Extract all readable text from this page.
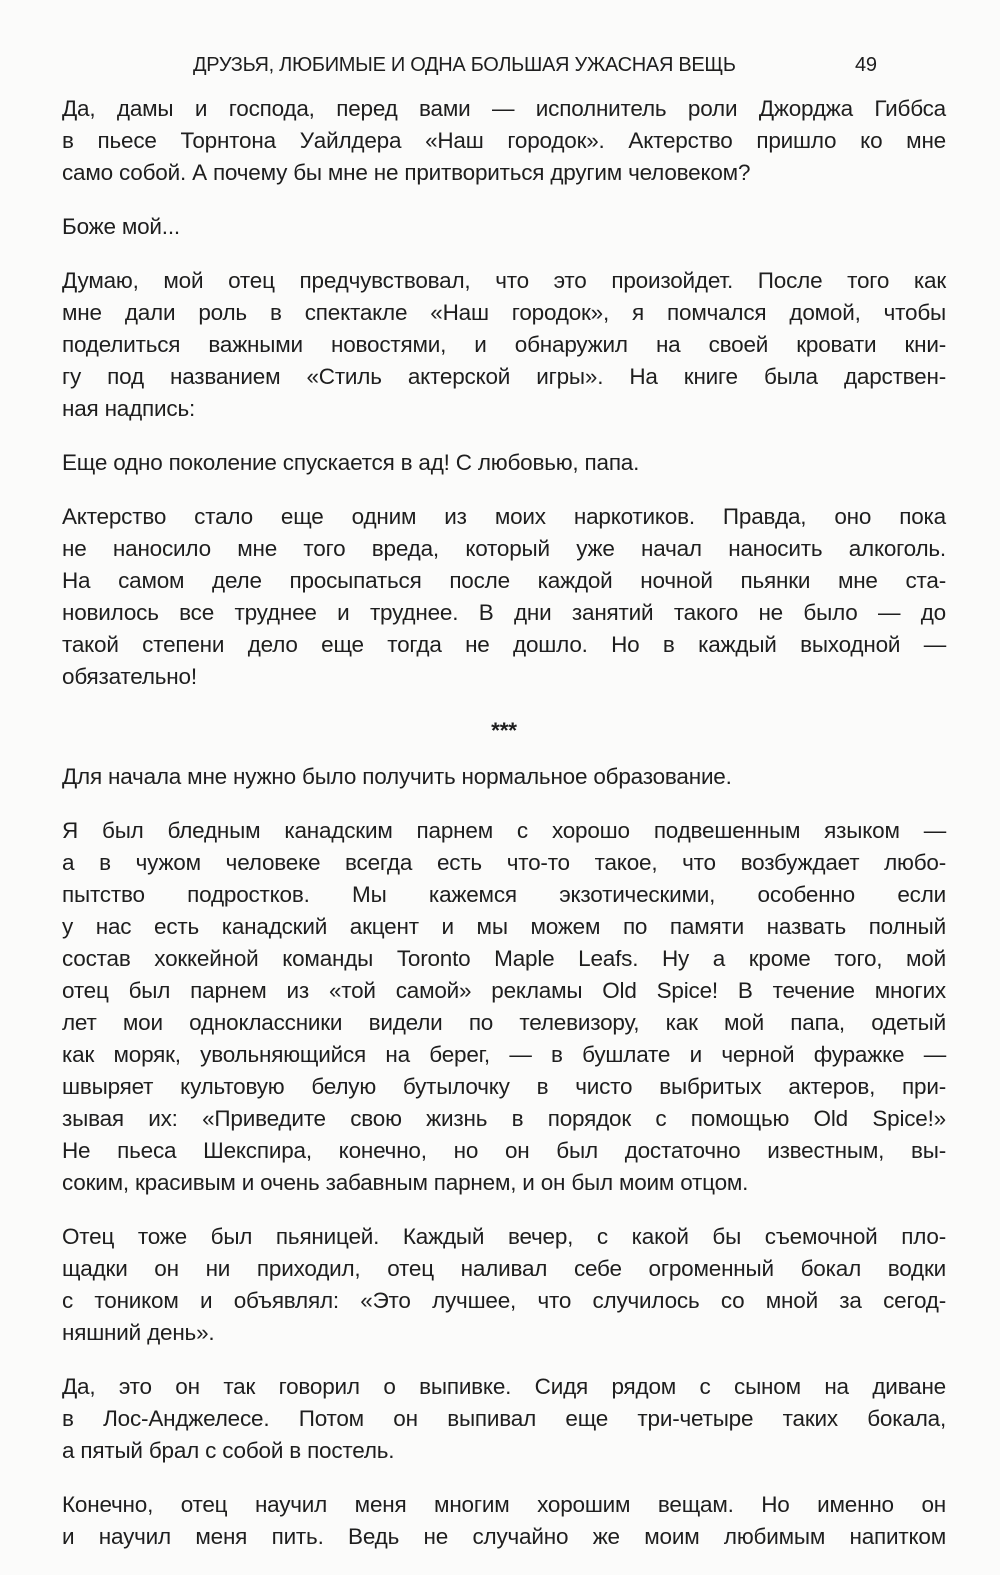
ДРУЗЬЯ, ЛЮБИМЫЕ И ОДНА БОЛЬШАЯ УЖАСНАЯ ВЕЩЬ	49
Да, дамы и господа, перед вами — исполнитель роли Джорджа Гиббса
в пьесе Торнтона Уайлдера «Наш городок». Актерство пришло ко мне
само собой. А почему бы мне не притвориться другим человеком?
Боже мой...
Думаю, мой отец предчувствовал, что это произойдет. После того как
мне дали роль в спектакле «Наш городок», я помчался домой, чтобы
поделиться важными новостями, и обнаружил на своей кровати кни-
гу под названием «Стиль актерской игры». На книге была дарствен-
ная надпись:
Еще одно поколение спускается в ад! С любовью, папа.
Актерство стало еще одним из моих наркотиков. Правда, оно пока
не наносило мне того вреда, который уже начал наносить алкоголь.
На самом деле просыпаться после каждой ночной пьянки мне ста-
новилось все труднее и труднее. В дни занятий такого не было — до
такой степени дело еще тогда не дошло. Но в каждый выходной —
обязательно!
***
Для начала мне нужно было получить нормальное образование.
Я был бледным канадским парнем с хорошо подвешенным языком —
а в чужом человеке всегда есть что-то такое, что возбуждает любо-
пытство подростков. Мы кажемся экзотическими, особенно если
у нас есть канадский акцент и мы можем по памяти назвать полный
состав хоккейной команды Toronto Maple Leafs. Ну а кроме того, мой
отец был парнем из «той самой» рекламы Old Spice! В течение многих
лет мои одноклассники видели по телевизору, как мой папа, одетый
как моряк, увольняющийся на берег, — в бушлате и черной фуражке —
швыряет культовую белую бутылочку в чисто выбритых актеров, при-
зывая их: «Приведите свою жизнь в порядок с помощью Old Spice!»
Не пьеса Шекспира, конечно, но он был достаточно известным, вы-
соким, красивым и очень забавным парнем, и он был моим отцом.
Отец тоже был пьяницей. Каждый вечер, с какой бы съемочной пло-
щадки он ни приходил, отец наливал себе огроменный бокал водки
с тоником и объявлял: «Это лучшее, что случилось со мной за сегод-
няшний день».
Да, это он так говорил о выпивке. Сидя рядом с сыном на диване
в Лос-Анджелесе. Потом он выпивал еще три-четыре таких бокала,
а пятый брал с собой в постель.
Конечно, отец научил меня многим хорошим вещам. Но именно он
и научил меня пить. Ведь не случайно же моим любимым напитком
